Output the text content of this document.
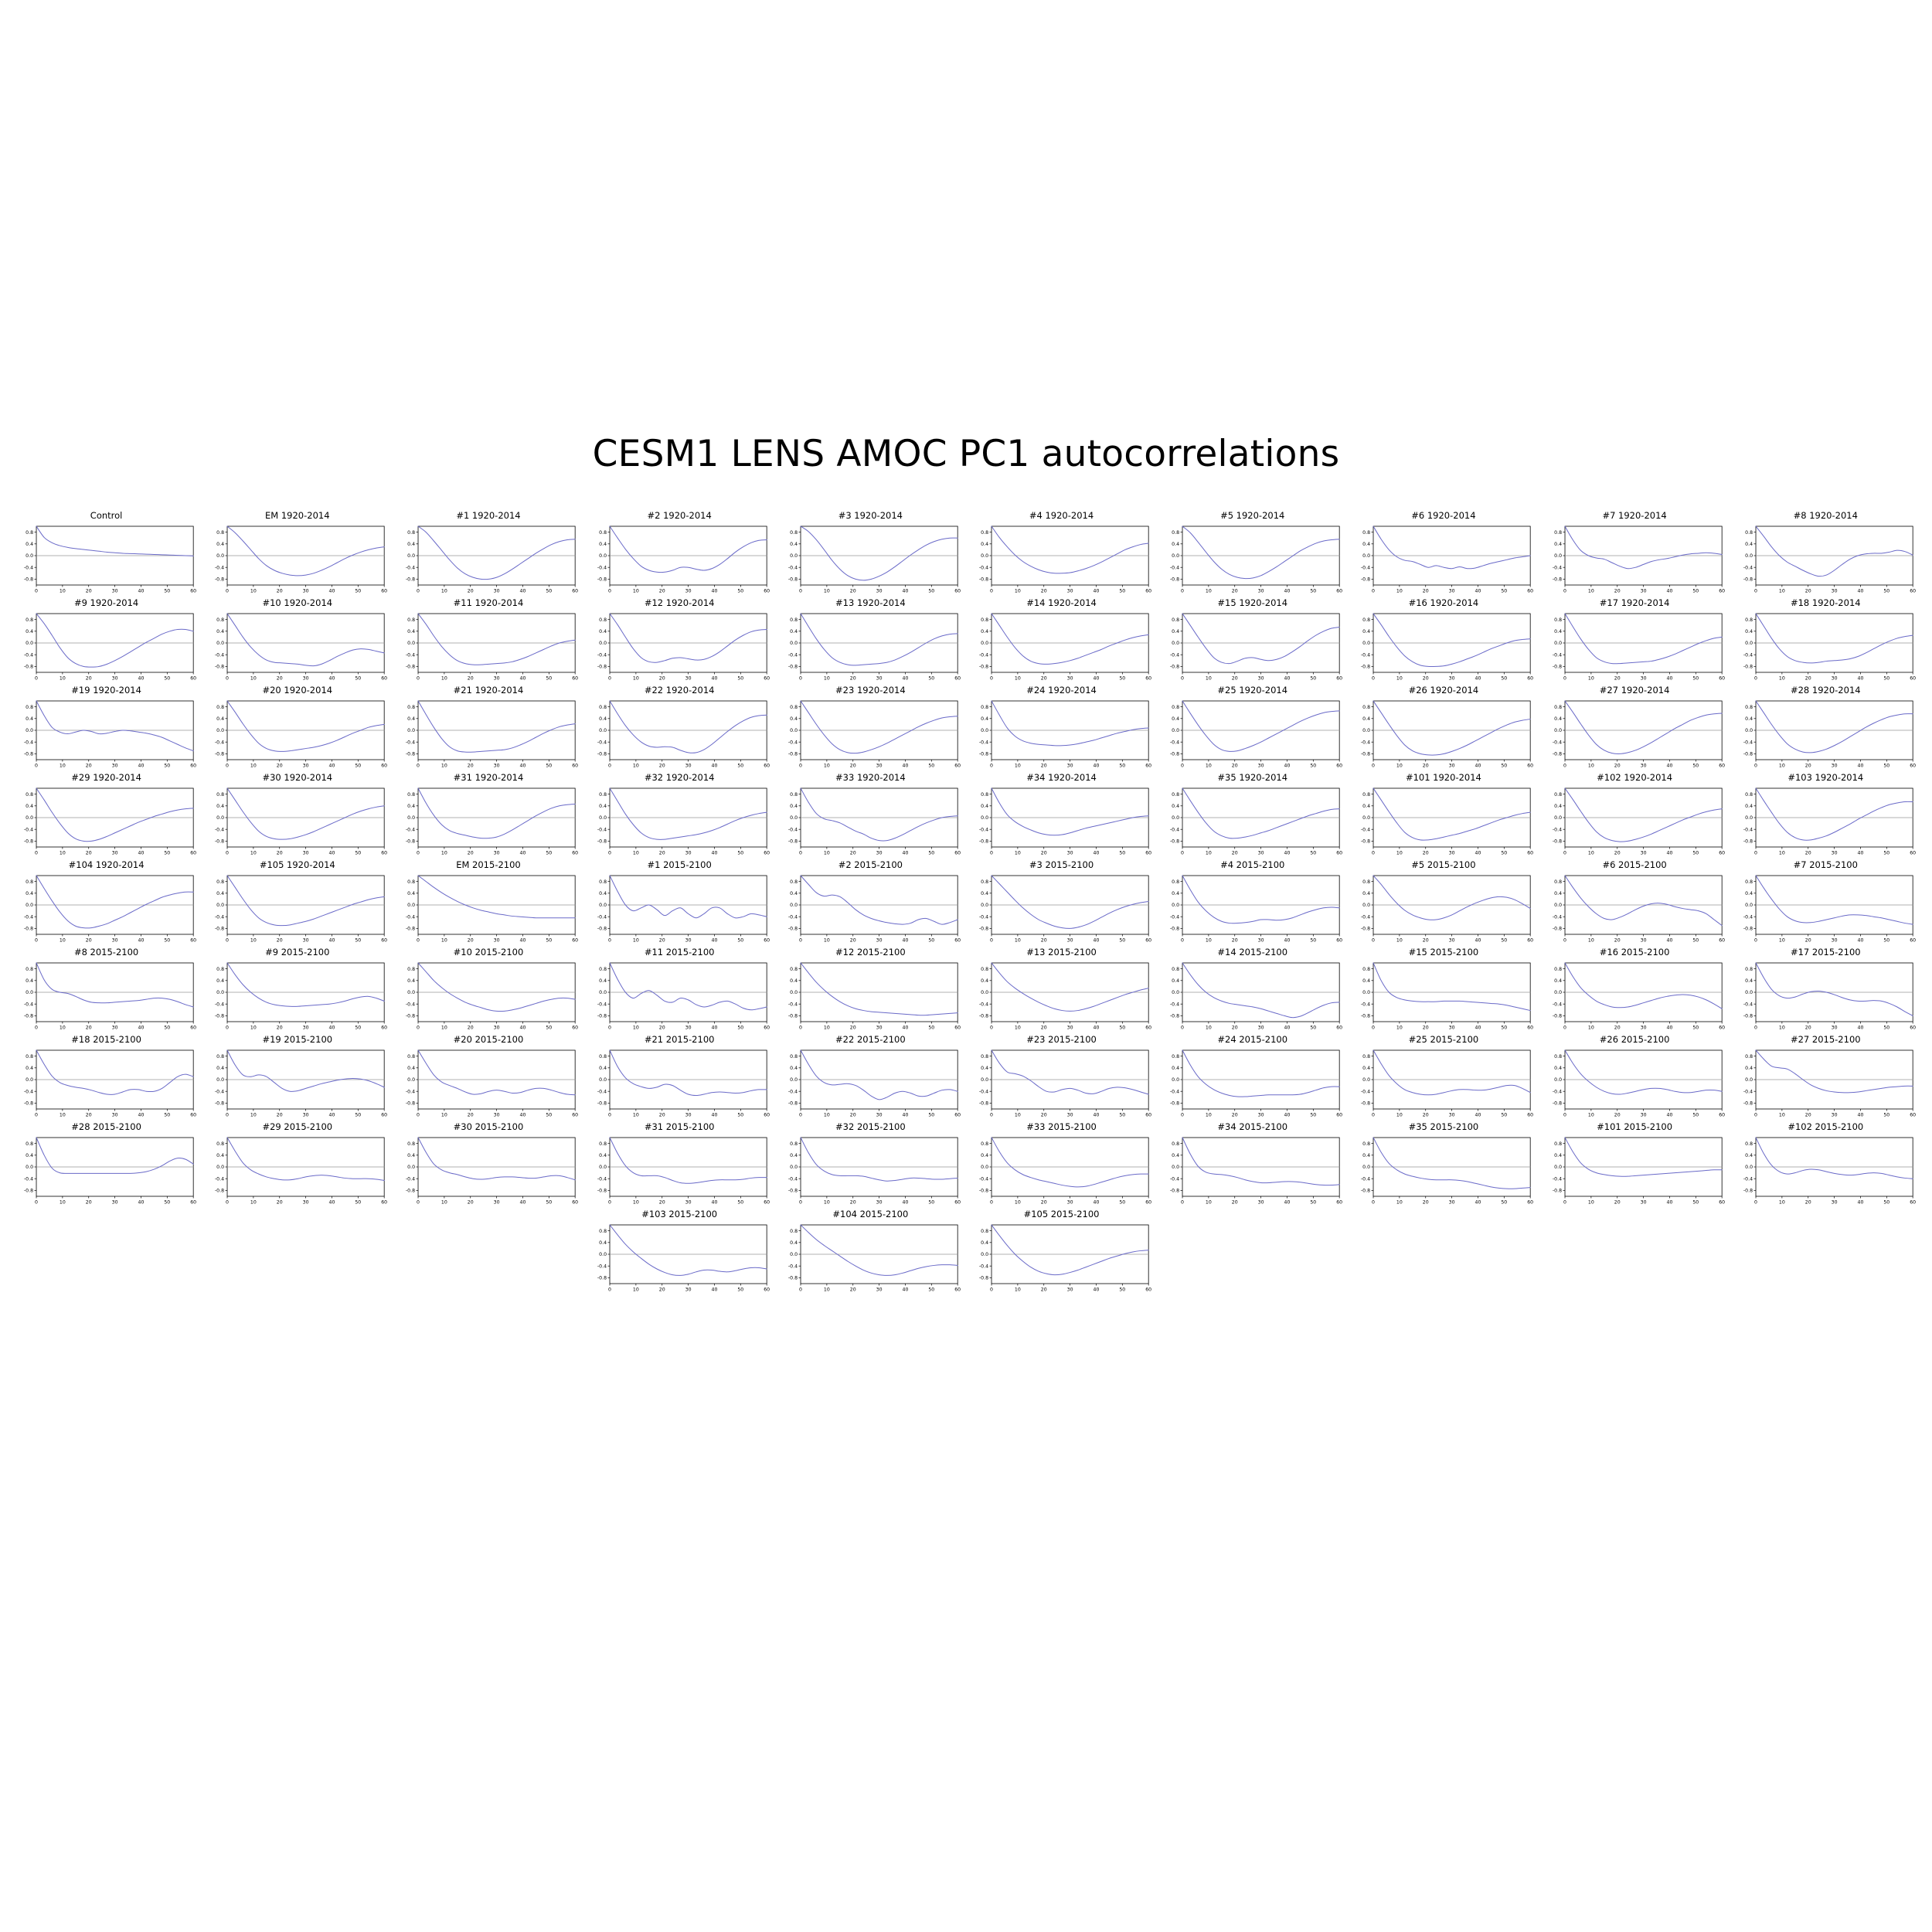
CESM1 LENS AMOC PC1 autocorrelations
Control
-0.8
-0.4
0.0
0.4
0.8
0	10	20	30	40	50	60
EM 1920-2014
-0.8
-0.4
0.0
0.4
0.8
0	10	20	30	40	50	60
#1 1920-2014
-0.8
-0.4
0.0
0.4
0.8
0	10	20	30	40	50	60
#2 1920-2014
-0.8
-0.4
0.0
0.4
0.8
0	10	20	30	40	50	60
#3 1920-2014
-0.8
-0.4
0.0
0.4
0.8
0	10	20	30	40	50	60
#4 1920-2014
-0.8
-0.4
0.0
0.4
0.8
0	10	20	30	40	50	60
#5 1920-2014
-0.8
-0.4
0.0
0.4
0.8
0	10	20	30	40	50	60
#6 1920-2014
-0.8
-0.4
0.0
0.4
0.8
0	10	20	30	40	50	60
#7 1920-2014
-0.8
-0.4
0.0
0.4
0.8
0	10	20	30	40	50	60
#8 1920-2014
-0.8
-0.4
0.0
0.4
0.8
0	10	20	30	40	50	60
#9 1920-2014
-0.8
-0.4
0.0
0.4
0.8
0	10	20	30	40	50	60
#10 1920-2014
-0.8
-0.4
0.0
0.4
0.8
0	10	20	30	40	50	60
#11 1920-2014
-0.8
-0.4
0.0
0.4
0.8
0	10	20	30	40	50	60
#12 1920-2014
-0.8
-0.4
0.0
0.4
0.8
0	10	20	30	40	50	60
#13 1920-2014
-0.8
-0.4
0.0
0.4
0.8
0	10	20	30	40	50	60
#14 1920-2014
-0.8
-0.4
0.0
0.4
0.8
0	10	20	30	40	50	60
#15 1920-2014
-0.8
-0.4
0.0
0.4
0.8
0	10	20	30	40	50	60
#16 1920-2014
-0.8
-0.4
0.0
0.4
0.8
0	10	20	30	40	50	60
#17 1920-2014
-0.8
-0.4
0.0
0.4
0.8
0	10	20	30	40	50	60
#18 1920-2014
-0.8
-0.4
0.0
0.4
0.8
0	10	20	30	40	50	60
#19 1920-2014
-0.8
-0.4
0.0
0.4
0.8
0	10	20	30	40	50	60
#20 1920-2014
-0.8
-0.4
0.0
0.4
0.8
0	10	20	30	40	50	60
#21 1920-2014
-0.8
-0.4
0.0
0.4
0.8
0	10	20	30	40	50	60
#22 1920-2014
-0.8
-0.4
0.0
0.4
0.8
0	10	20	30	40	50	60
#23 1920-2014
-0.8
-0.4
0.0
0.4
0.8
0	10	20	30	40	50	60
#24 1920-2014
-0.8
-0.4
0.0
0.4
0.8
0	10	20	30	40	50	60
#25 1920-2014
-0.8
-0.4
0.0
0.4
0.8
0	10	20	30	40	50	60
#26 1920-2014
-0.8
-0.4
0.0
0.4
0.8
0	10	20	30	40	50	60
#27 1920-2014
-0.8
-0.4
0.0
0.4
0.8
0	10	20	30	40	50	60
#28 1920-2014
-0.8
-0.4
0.0
0.4
0.8
0	10	20	30	40	50	60
#29 1920-2014
-0.8
-0.4
0.0
0.4
0.8
0	10	20	30	40	50	60
#30 1920-2014
-0.8
-0.4
0.0
0.4
0.8
0	10	20	30	40	50	60
#31 1920-2014
-0.8
-0.4
0.0
0.4
0.8
0	10	20	30	40	50	60
#32 1920-2014
-0.8
-0.4
0.0
0.4
0.8
0	10	20	30	40	50	60
#33 1920-2014
-0.8
-0.4
0.0
0.4
0.8
0	10	20	30	40	50	60
#34 1920-2014
-0.8
-0.4
0.0
0.4
0.8
0	10	20	30	40	50	60
#35 1920-2014
-0.8
-0.4
0.0
0.4
0.8
0	10	20	30	40	50	60
#101 1920-2014
-0.8
-0.4
0.0
0.4
0.8
0	10	20	30	40	50	60
#102 1920-2014
-0.8
-0.4
0.0
0.4
0.8
0	10	20	30	40	50	60
#103 1920-2014
-0.8
-0.4
0.0
0.4
0.8
0	10	20	30	40	50	60
#104 1920-2014
-0.8
-0.4
0.0
0.4
0.8
0	10	20	30	40	50	60
#105 1920-2014
-0.8
-0.4
0.0
0.4
0.8
0	10	20	30	40	50	60
EM 2015-2100
-0.8
-0.4
0.0
0.4
0.8
0	10	20	30	40	50	60
#1 2015-2100
-0.8
-0.4
0.0
0.4
0.8
0	10	20	30	40	50	60
#2 2015-2100
-0.8
-0.4
0.0
0.4
0.8
0	10	20	30	40	50	60
#3 2015-2100
-0.8
-0.4
0.0
0.4
0.8
0	10	20	30	40	50	60
#4 2015-2100
-0.8
-0.4
0.0
0.4
0.8
0	10	20	30	40	50	60
#5 2015-2100
-0.8
-0.4
0.0
0.4
0.8
0	10	20	30	40	50	60
#6 2015-2100
-0.8
-0.4
0.0
0.4
0.8
0	10	20	30	40	50	60
#7 2015-2100
-0.8
-0.4
0.0
0.4
0.8
0	10	20	30	40	50	60
#8 2015-2100
-0.8
-0.4
0.0
0.4
0.8
0	10	20	30	40	50	60
#9 2015-2100
-0.8
-0.4
0.0
0.4
0.8
0	10	20	30	40	50	60
#10 2015-2100
-0.8
-0.4
0.0
0.4
0.8
0	10	20	30	40	50	60
#11 2015-2100
-0.8
-0.4
0.0
0.4
0.8
0	10	20	30	40	50	60
#12 2015-2100
-0.8
-0.4
0.0
0.4
0.8
0	10	20	30	40	50	60
#13 2015-2100
-0.8
-0.4
0.0
0.4
0.8
0	10	20	30	40	50	60
#14 2015-2100
-0.8
-0.4
0.0
0.4
0.8
0	10	20	30	40	50	60
#15 2015-2100
-0.8
-0.4
0.0
0.4
0.8
0	10	20	30	40	50	60
#16 2015-2100
-0.8
-0.4
0.0
0.4
0.8
0	10	20	30	40	50	60
#17 2015-2100
-0.8
-0.4
0.0
0.4
0.8
0	10	20	30	40	50	60
#18 2015-2100
-0.8
-0.4
0.0
0.4
0.8
0	10	20	30	40	50	60
#19 2015-2100
-0.8
-0.4
0.0
0.4
0.8
0	10	20	30	40	50	60
#20 2015-2100
-0.8
-0.4
0.0
0.4
0.8
0	10	20	30	40	50	60
#21 2015-2100
-0.8
-0.4
0.0
0.4
0.8
0	10	20	30	40	50	60
#22 2015-2100
-0.8
-0.4
0.0
0.4
0.8
0	10	20	30	40	50	60
#23 2015-2100
-0.8
-0.4
0.0
0.4
0.8
0	10	20	30	40	50	60
#24 2015-2100
-0.8
-0.4
0.0
0.4
0.8
0	10	20	30	40	50	60
#25 2015-2100
-0.8
-0.4
0.0
0.4
0.8
0	10	20	30	40	50	60
#26 2015-2100
-0.8
-0.4
0.0
0.4
0.8
0	10	20	30	40	50	60
#27 2015-2100
-0.8
-0.4
0.0
0.4
0.8
0	10	20	30	40	50	60
#28 2015-2100
-0.8
-0.4
0.0
0.4
0.8
0	10	20	30	40	50	60
#29 2015-2100
-0.8
-0.4
0.0
0.4
0.8
0	10	20	30	40	50	60
#30 2015-2100
-0.8
-0.4
0.0
0.4
0.8
0	10	20	30	40	50	60
#31 2015-2100
-0.8
-0.4
0.0
0.4
0.8
0	10	20	30	40	50	60
#32 2015-2100
-0.8
-0.4
0.0
0.4
0.8
0	10	20	30	40	50	60
#33 2015-2100
-0.8
-0.4
0.0
0.4
0.8
0	10	20	30	40	50	60
#34 2015-2100
-0.8
-0.4
0.0
0.4
0.8
0	10	20	30	40	50	60
#35 2015-2100
-0.8
-0.4
0.0
0.4
0.8
0	10	20	30	40	50	60
#101 2015-2100
-0.8
-0.4
0.0
0.4
0.8
0	10	20	30	40	50	60
#102 2015-2100
-0.8
-0.4
0.0
0.4
0.8
0	10	20	30	40	50	60
#103 2015-2100
-0.8
-0.4
0.0
0.4
0.8
0	10	20	30	40	50	60
#104 2015-2100
-0.8
-0.4
0.0
0.4
0.8
0	10	20	30	40	50	60
#105 2015-2100
-0.8
-0.4
0.0
0.4
0.8
0	10	20	30	40	50	60
